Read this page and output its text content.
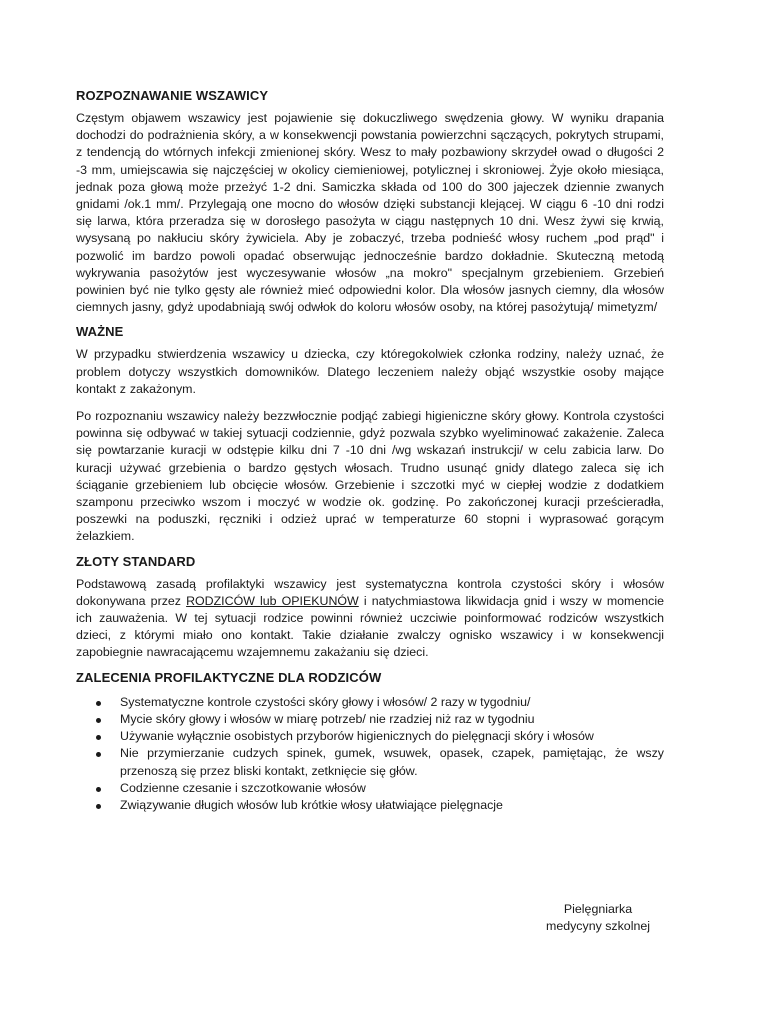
ROZPOZNAWANIE WSZAWICY

Częstym objawem wszawicy jest pojawienie się dokuczliwego swędzenia głowy. W wyniku drapania dochodzi do podrażnienia skóry, a w konsekwencji powstania powierzchni sączących, pokrytych strupami, z tendencją do wtórnych infekcji zmienionej skóry. Wesz to mały pozbawiony skrzydeł owad o długości 2 -3 mm, umiejscawia się najczęściej w okolicy ciemieniowej, potylicznej i skroniowej. Żyje około miesiąca, jednak poza głową może przeżyć 1-2 dni. Samiczka składa od 100 do 300 jajeczek dziennie zwanych gnidami /ok.1 mm/. Przylegają one mocno do włosów dzięki substancji klejącej. W ciągu 6 -10 dni rodzi się larwa, która przeradza się w dorosłego pasożyta w ciągu następnych 10 dni. Wesz żywi się krwią, wysysaną po nakłuciu skóry żywiciela. Aby je zobaczyć, trzeba podnieść włosy ruchem „pod prąd" i pozwolić im bardzo powoli opadać obserwując jednocześnie bardzo dokładnie. Skuteczną metodą wykrywania pasożytów jest wyczesywanie włosów „na mokro" specjalnym grzebieniem. Grzebień powinien być nie tylko gęsty ale również mieć odpowiedni kolor. Dla włosów jasnych ciemny, dla włosów ciemnych jasny, gdyż upodabniają swój odwłok do koloru włosów osoby, na której pasożytują/ mimetyzm/

WAŻNE

W przypadku stwierdzenia wszawicy u dziecka, czy któregokolwiek członka rodziny, należy uznać, że problem dotyczy wszystkich domowników. Dlatego leczeniem należy objąć wszystkie osoby mające kontakt z zakażonym.

Po rozpoznaniu wszawicy należy bezzwłocznie podjąć zabiegi higieniczne skóry głowy. Kontrola czystości powinna się odbywać w takiej sytuacji codziennie, gdyż pozwala szybko wyeliminować zakażenie. Zaleca się powtarzanie kuracji w odstępie kilku dni 7 -10 dni /wg wskazań instrukcji/ w celu zabicia larw. Do kuracji używać grzebienia o bardzo gęstych włosach. Trudno usunąć gnidy dlatego zaleca się ich ściąganie grzebieniem lub obcięcie włosów. Grzebienie i szczotki myć w ciepłej wodzie z dodatkiem szamponu przeciwko wszom i moczyć w wodzie ok. godzinę. Po zakończonej kuracji prześcieradła, poszewki na poduszki, ręczniki i odzież uprać w temperaturze 60 stopni i wyprasować gorącym żelazkiem.

ZŁOTY STANDARD

Podstawową zasadą profilaktyki wszawicy jest systematyczna kontrola czystości skóry i włosów dokonywana przez RODZICÓW lub OPIEKUNÓW i natychmiastowa likwidacja gnid i wszy w momencie ich zauważenia. W tej sytuacji rodzice powinni również uczciwie poinformować rodziców wszystkich dzieci, z którymi miało ono kontakt. Takie działanie zwalczy ognisko wszawicy i w konsekwencji zapobiegnie nawracającemu wzajemnemu zakażaniu się dzieci.

ZALECENIA PROFILAKTYCZNE DLA RODZICÓW
Systematyczne kontrole czystości skóry głowy i włosów/ 2 razy w tygodniu/
Mycie skóry głowy i włosów w miarę potrzeb/ nie rzadziej niż raz w tygodniu
Używanie wyłącznie osobistych przyborów higienicznych do pielęgnacji skóry i włosów
Nie przymierzanie cudzych spinek, gumek, wsuwek, opasek, czapek, pamiętając, że wszy przenoszą się przez bliski kontakt, zetknięcie się głów.
Codzienne czesanie i szczotkowanie włosów
Związywanie długich włosów lub krótkie włosy ułatwiające pielęgnacje
Pielęgniarka
medycyny szkolnej
